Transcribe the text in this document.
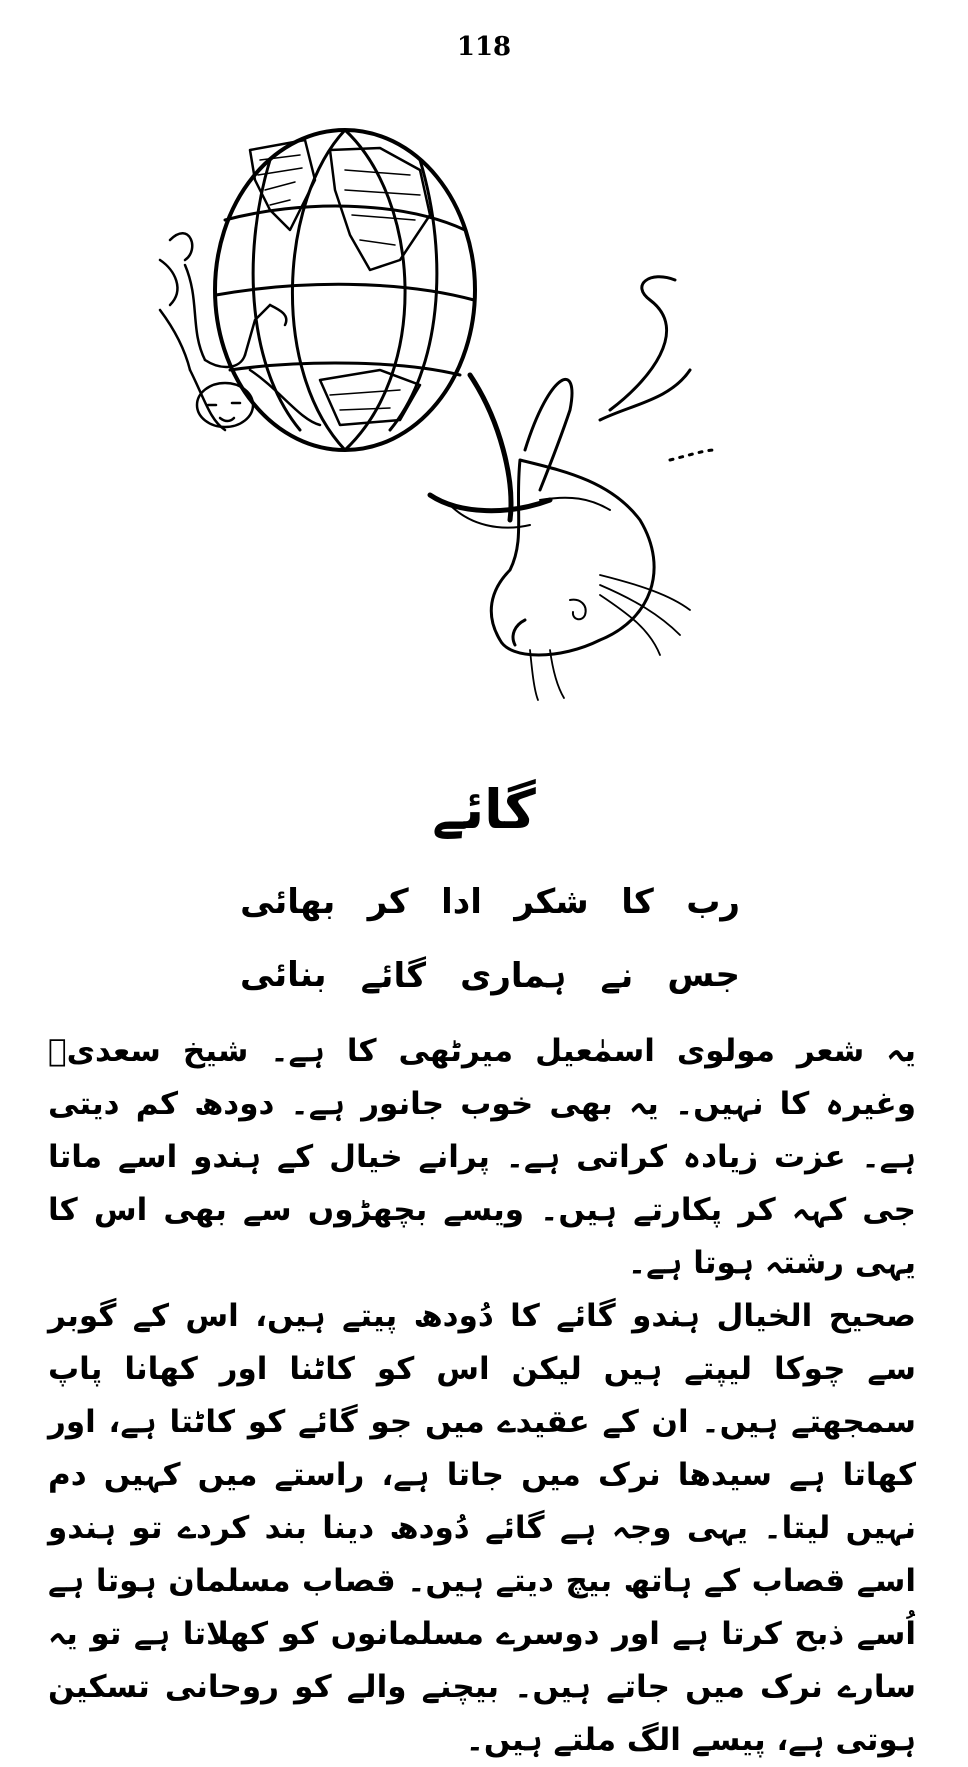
118
گائے
رب
کا
شکر
ادا
کر
بھائی
جس
نے
ہماری
گائے
بنائی

یہ شعر مولوی اسمٰعیل میرٹھی کا ہے۔ شیخ سعدیؒ وغیرہ کا نہیں۔ یہ بھی خوب جانور ہے۔ دودھ کم دیتی ہے۔ عزت زیادہ کراتی ہے۔ پرانے خیال کے ہندو اسے ماتا جی کہہ کر پکارتے ہیں۔ ویسے بچھڑوں سے بھی اس کا یہی رشتہ ہوتا ہے۔

صحیح الخیال ہندو گائے کا دُودھ پیتے ہیں، اس کے گوبر سے چوکا لیپتے ہیں لیکن اس کو کاٹنا اور کھانا پاپ سمجھتے ہیں۔ ان کے عقیدے میں جو گائے کو کاٹتا ہے، اور کھاتا ہے سیدھا نرک میں جاتا ہے، راستے میں کہیں دم نہیں لیتا۔ یہی وجہ ہے گائے دُودھ دینا بند کردے تو ہندو اسے قصاب کے ہاتھ بیچ دیتے ہیں۔ قصاب مسلمان ہوتا ہے اُسے ذبح کرتا ہے اور دوسرے مسلمانوں کو کھلاتا ہے تو یہ سارے نرک میں جاتے ہیں۔ بیچنے والے کو روحانی تسکین ہوتی ہے، پیسے الگ ملتے ہیں۔
